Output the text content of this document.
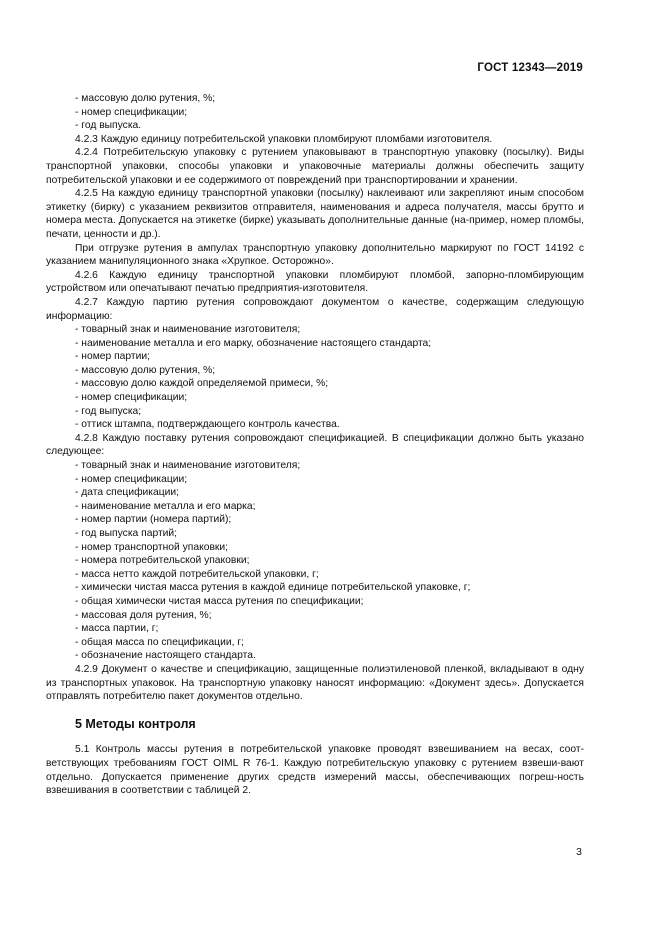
ГОСТ 12343—2019
- массовую долю рутения, %;
- номер спецификации;
- год выпуска.
4.2.3 Каждую единицу потребительской упаковки пломбируют пломбами изготовителя.
4.2.4 Потребительскую упаковку с рутением упаковывают в транспортную упаковку (посылку). Виды транспортной упаковки, способы упаковки и упаковочные материалы должны обеспечить защиту потребительской упаковки и ее содержимого от повреждений при транспортировании и хранении.
4.2.5 На каждую единицу транспортной упаковки (посылку) наклеивают или закрепляют иным способом этикетку (бирку) с указанием реквизитов отправителя, наименования и адреса получателя, массы брутто и номера места. Допускается на этикетке (бирке) указывать дополнительные данные (на-пример, номер пломбы, печати, ценности и др.).
При отгрузке рутения в ампулах транспортную упаковку дополнительно маркируют по ГОСТ 14192 с указанием манипуляционного знака «Хрупкое. Осторожно».
4.2.6 Каждую единицу транспортной упаковки пломбируют пломбой, запорно-пломбирующим устройством или опечатывают печатью предприятия-изготовителя.
4.2.7 Каждую партию рутения сопровождают документом о качестве, содержащим следующую информацию:
- товарный знак и наименование изготовителя;
- наименование металла и его марку, обозначение настоящего стандарта;
- номер партии;
- массовую долю рутения, %;
- массовую долю каждой определяемой примеси, %;
- номер спецификации;
- год выпуска;
- оттиск штампа, подтверждающего контроль качества.
4.2.8 Каждую поставку рутения сопровождают спецификацией. В спецификации должно быть указано следующее:
- товарный знак и наименование изготовителя;
- номер спецификации;
- дата спецификации;
- наименование металла и его марка;
- номер партии (номера партий);
- год выпуска партий;
- номер транспортной упаковки;
- номера потребительской упаковки;
- масса нетто каждой потребительской упаковки, г;
- химически чистая масса рутения в каждой единице потребительской упаковке, г;
- общая химически чистая масса рутения по спецификации;
- массовая доля рутения, %;
- масса партии, г;
- общая масса по спецификации, г;
- обозначение настоящего стандарта.
4.2.9 Документ о качестве и спецификацию, защищенные полиэтиленовой пленкой, вкладывают в одну из транспортных упаковок. На транспортную упаковку наносят информацию: «Документ здесь». Допускается отправлять потребителю пакет документов отдельно.
5 Методы контроля
5.1 Контроль массы рутения в потребительской упаковке проводят взвешиванием на весах, соот-ветствующих требованиям ГОСТ OIML R 76-1. Каждую потребительскую упаковку с рутением взвеши-вают отдельно. Допускается применение других средств измерений массы, обеспечивающих погреш-ность взвешивания в соответствии с таблицей 2.
3
